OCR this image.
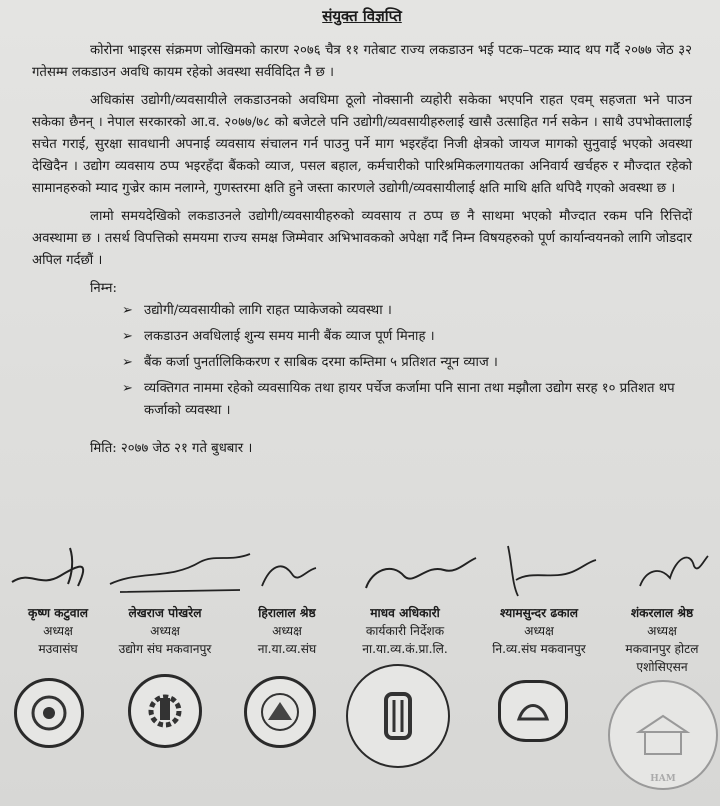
संयुक्त विज्ञप्ति

कोरोना भाइरस संक्रमण जोखिमको कारण २०७६ चैत्र ११ गतेबाट राज्य लकडाउन भई पटक–पटक म्याद थप गर्दै २०७७ जेठ ३२ गतेसम्म लकडाउन अवधि कायम रहेको अवस्था सर्वविदित नै छ ।

अधिकांस उद्योगी/व्यवसायीले लकडाउनको अवधिमा ठूलो नोक्सानी व्यहोरी सकेका भएपनि राहत एवम् सहजता भने पाउन सकेका छैनन् । नेपाल सरकारको आ.व. २०७७/७८ को बजेटले पनि उद्योगी/व्यवसायीहरुलाई खासै उत्साहित गर्न सकेन । साथै उपभोक्तालाई सचेत गराई, सुरक्षा सावधानी अपनाई व्यवसाय संचालन गर्न पाउनु पर्ने माग भइरहँदा निजी क्षेत्रको जायज मागको सुनुवाई भएको अवस्था देखिदैन । उद्योग व्यवसाय ठप्प भइरहँदा बैंकको व्याज, पसल बहाल, कर्मचारीको पारिश्रमिकलगायतका अनिवार्य खर्चहरु र मौज्दात रहेको सामानहरुको म्याद गुज्रेर काम नलाग्ने, गुणस्तरमा क्षति हुने जस्ता कारणले उद्योगी/व्यवसायीलाई क्षति माथि क्षति थपिदै गएको अवस्था छ ।

लामो समयदेखिको लकडाउनले उद्योगी/व्यवसायीहरुको व्यवसाय त ठप्प छ नै साथमा भएको मौज्दात रकम पनि रित्तिदों अवस्थामा छ । तसर्थ विपत्तिको समयमा राज्य समक्ष जिम्मेवार अभिभावकको अपेक्षा गर्दै निम्न विषयहरुको पूर्ण कार्यान्वयनको लागि जोडदार अपिल गर्दछौं ।

निम्न:
➢ उद्योगी/व्यवसायीको लागि राहत प्याकेजको व्यवस्था ।
➢ लकडाउन अवधिलाई शुन्य समय मानी बैंक व्याज पूर्ण मिनाह ।
➢ बैंक कर्जा पुनर्तालिकिकरण र साबिक दरमा कम्तिमा ५ प्रतिशत न्यून व्याज ।
➢ व्यक्तिगत नाममा रहेको व्यवसायिक तथा हायर पर्चेज कर्जामा पनि साना तथा मझौला उद्योग सरह १० प्रतिशत थप कर्जाको व्यवस्था ।
मिति: २०७७ जेठ २१ गते बुधबार ।
कृष्ण कटुवाल
अध्यक्ष
मउवासंघ
लेखराज पोखरेल
अध्यक्ष
उद्योग संघ मकवानपुर
हिरालाल श्रेष्ठ
अध्यक्ष
ना.या.व्य.संघ
माधव अधिकारी
कार्यकारी निर्देशक
ना.या.व्य.कं.प्रा.लि.
श्यामसुन्दर ढकाल
अध्यक्ष
नि.व्य.संघ मकवानपुर
शंकरलाल श्रेष्ठ
अध्यक्ष
मकवानपुर होटल एशोसिएसन
HAM
